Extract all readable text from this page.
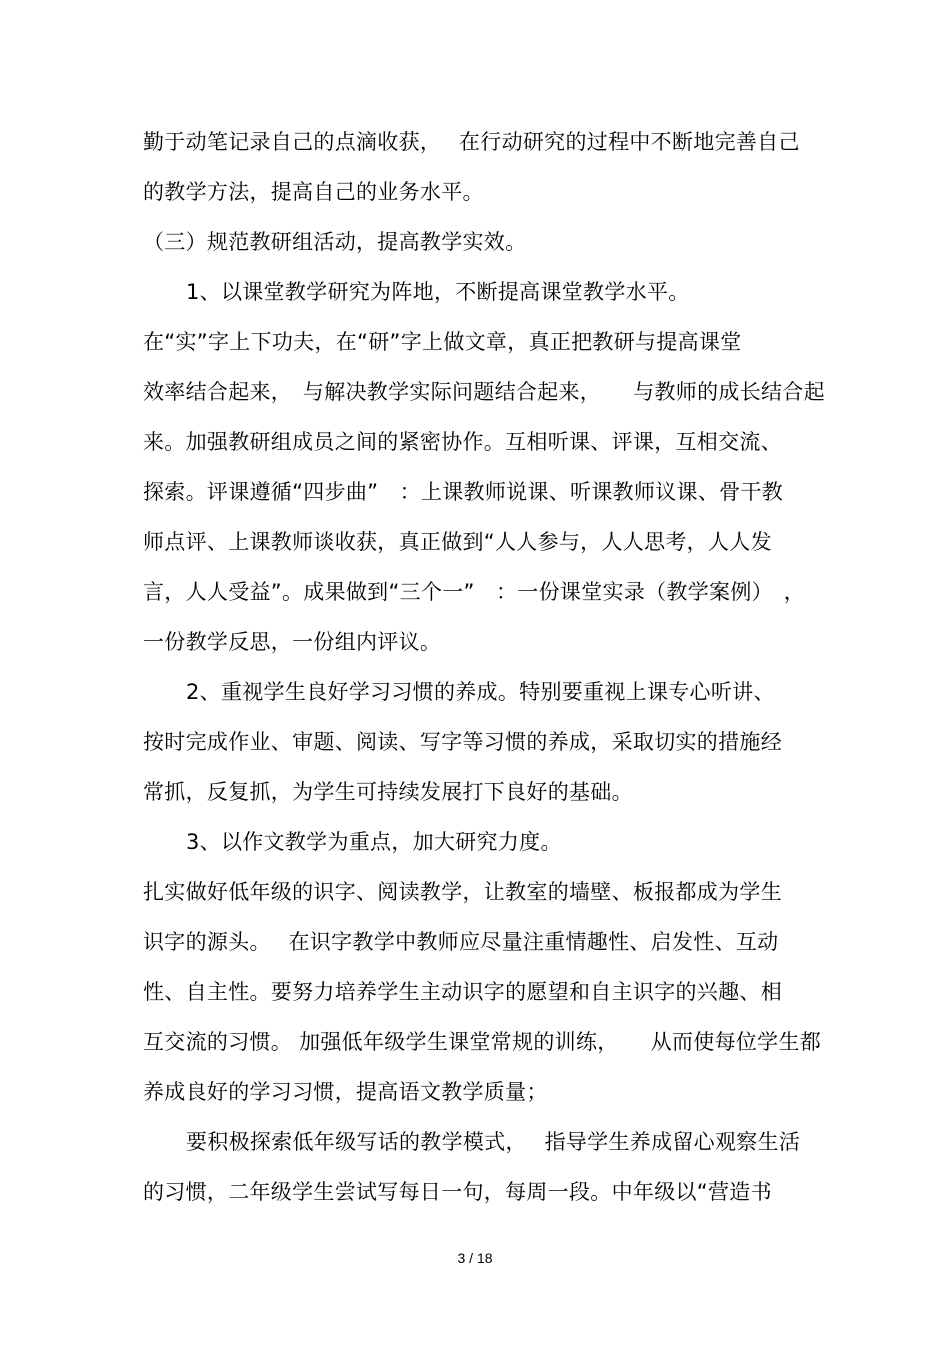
勤于动笔记录自己的点滴收获，　 在行动研究的过程中不断地完善自己
的教学方法，提高自己的业务水平。
（三）规范教研组活动，提高教学实效。
1、以课堂教学研究为阵地，不断提高课堂教学水平。
在“实”字上下功夫，在“研”字上做文章，真正把教研与提高课堂
效率结合起来，　与解决教学实际问题结合起来，　　与教师的成长结合起
来。加强教研组成员之间的紧密协作。互相听课、评课，互相交流、
探索。评课遵循“四步曲”　：上课教师说课、听课教师议课、骨干教
师点评、上课教师谈收获，真正做到“人人参与，人人思考，人人发
言，人人受益”。成果做到“三个一”　：一份课堂实录（教学案例）　，
一份教学反思，一份组内评议。
2、重视学生良好学习习惯的养成。特别要重视上课专心听讲、
按时完成作业、审题、阅读、写字等习惯的养成，采取切实的措施经
常抓，反复抓，为学生可持续发展打下良好的基础。
3、以作文教学为重点，加大研究力度。
扎实做好低年级的识字、阅读教学，让教室的墙壁、板报都成为学生
识字的源头。　 在识字教学中教师应尽量注重情趣性、启发性、互动
性、自主性。要努力培养学生主动识字的愿望和自主识字的兴趣、相
互交流的习惯。 加强低年级学生课堂常规的训练，　　从而使每位学生都
养成良好的学习习惯，提高语文教学质量；
要积极探索低年级写话的教学模式，　 指导学生养成留心观察生活
的习惯，二年级学生尝试写每日一句，每周一段。中年级以“营造书
3 / 18
